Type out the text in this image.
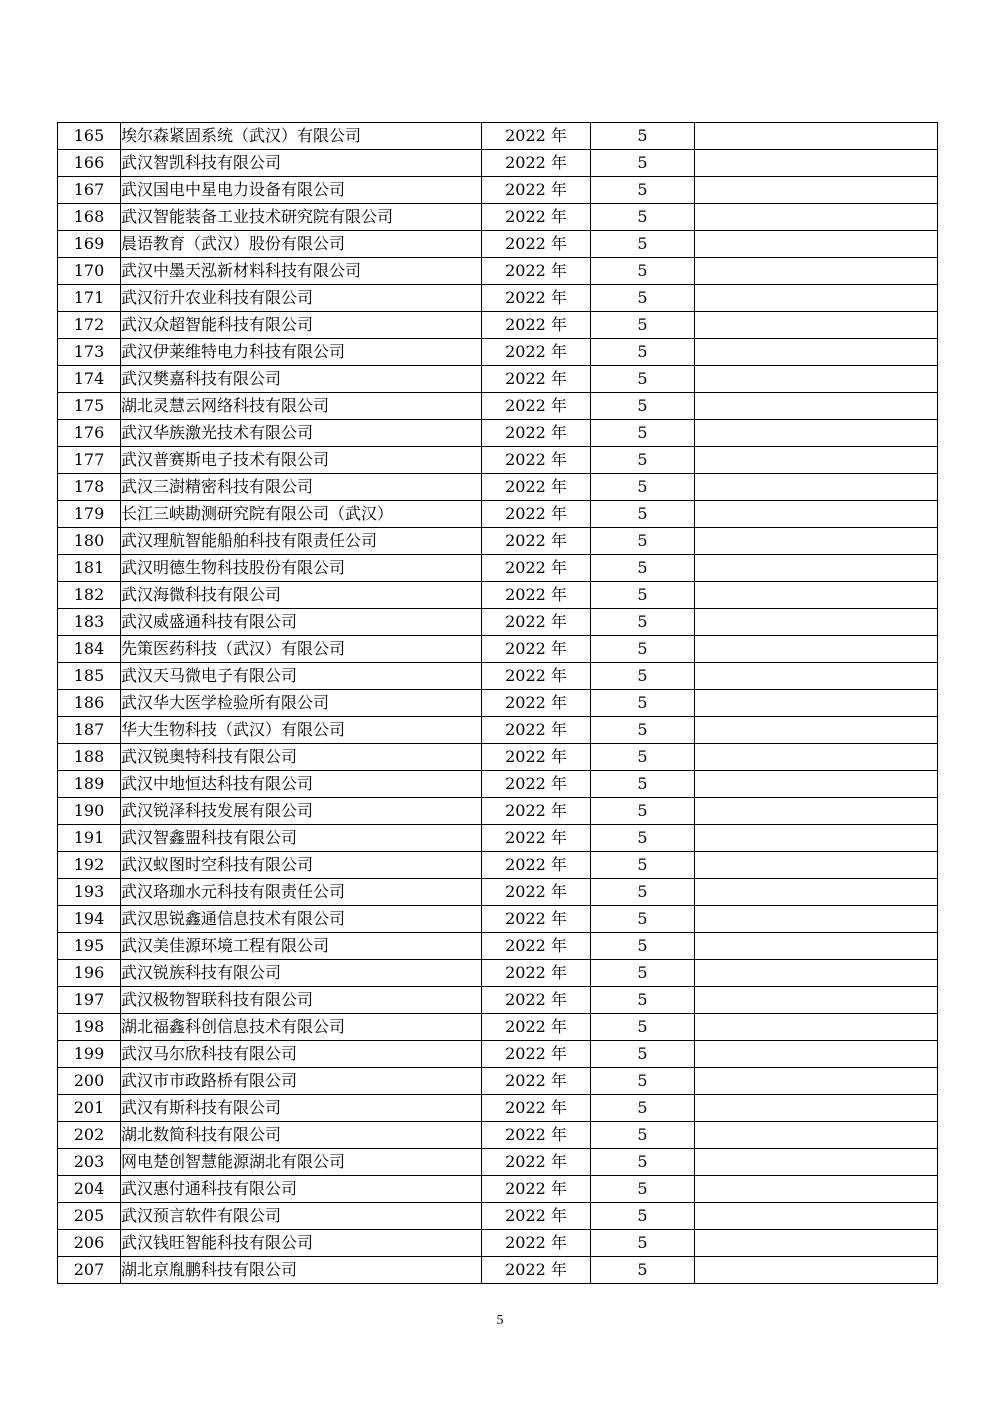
165	埃尔森紧固系统（武汉）有限公司	2022 年	5	
166	武汉智凯科技有限公司	2022 年	5	
167	武汉国电中星电力设备有限公司	2022 年	5	
168	武汉智能装备工业技术研究院有限公司	2022 年	5	
169	晨语教育（武汉）股份有限公司	2022 年	5	
170	武汉中墨天泓新材料科技有限公司	2022 年	5	
171	武汉衍升农业科技有限公司	2022 年	5	
172	武汉众超智能科技有限公司	2022 年	5	
173	武汉伊莱维特电力科技有限公司	2022 年	5	
174	武汉樊嘉科技有限公司	2022 年	5	
175	湖北灵慧云网络科技有限公司	2022 年	5	
176	武汉华族激光技术有限公司	2022 年	5	
177	武汉普赛斯电子技术有限公司	2022 年	5	
178	武汉三澍精密科技有限公司	2022 年	5	
179	长江三峡勘测研究院有限公司（武汉）	2022 年	5	
180	武汉理航智能船舶科技有限责任公司	2022 年	5	
181	武汉明德生物科技股份有限公司	2022 年	5	
182	武汉海微科技有限公司	2022 年	5	
183	武汉威盛通科技有限公司	2022 年	5	
184	先策医药科技（武汉）有限公司	2022 年	5	
185	武汉天马微电子有限公司	2022 年	5	
186	武汉华大医学检验所有限公司	2022 年	5	
187	华大生物科技（武汉）有限公司	2022 年	5	
188	武汉锐奥特科技有限公司	2022 年	5	
189	武汉中地恒达科技有限公司	2022 年	5	
190	武汉锐泽科技发展有限公司	2022 年	5	
191	武汉智鑫盟科技有限公司	2022 年	5	
192	武汉蚁图时空科技有限公司	2022 年	5	
193	武汉珞珈水元科技有限责任公司	2022 年	5	
194	武汉思锐鑫通信息技术有限公司	2022 年	5	
195	武汉美佳源环境工程有限公司	2022 年	5	
196	武汉锐族科技有限公司	2022 年	5	
197	武汉极物智联科技有限公司	2022 年	5	
198	湖北福鑫科创信息技术有限公司	2022 年	5	
199	武汉马尔欣科技有限公司	2022 年	5	
200	武汉市市政路桥有限公司	2022 年	5	
201	武汉有斯科技有限公司	2022 年	5	
202	湖北数简科技有限公司	2022 年	5	
203	网电楚创智慧能源湖北有限公司	2022 年	5	
204	武汉惠付通科技有限公司	2022 年	5	
205	武汉预言软件有限公司	2022 年	5	
206	武汉钱旺智能科技有限公司	2022 年	5	
207	湖北京胤鹏科技有限公司	2022 年	5	
5
